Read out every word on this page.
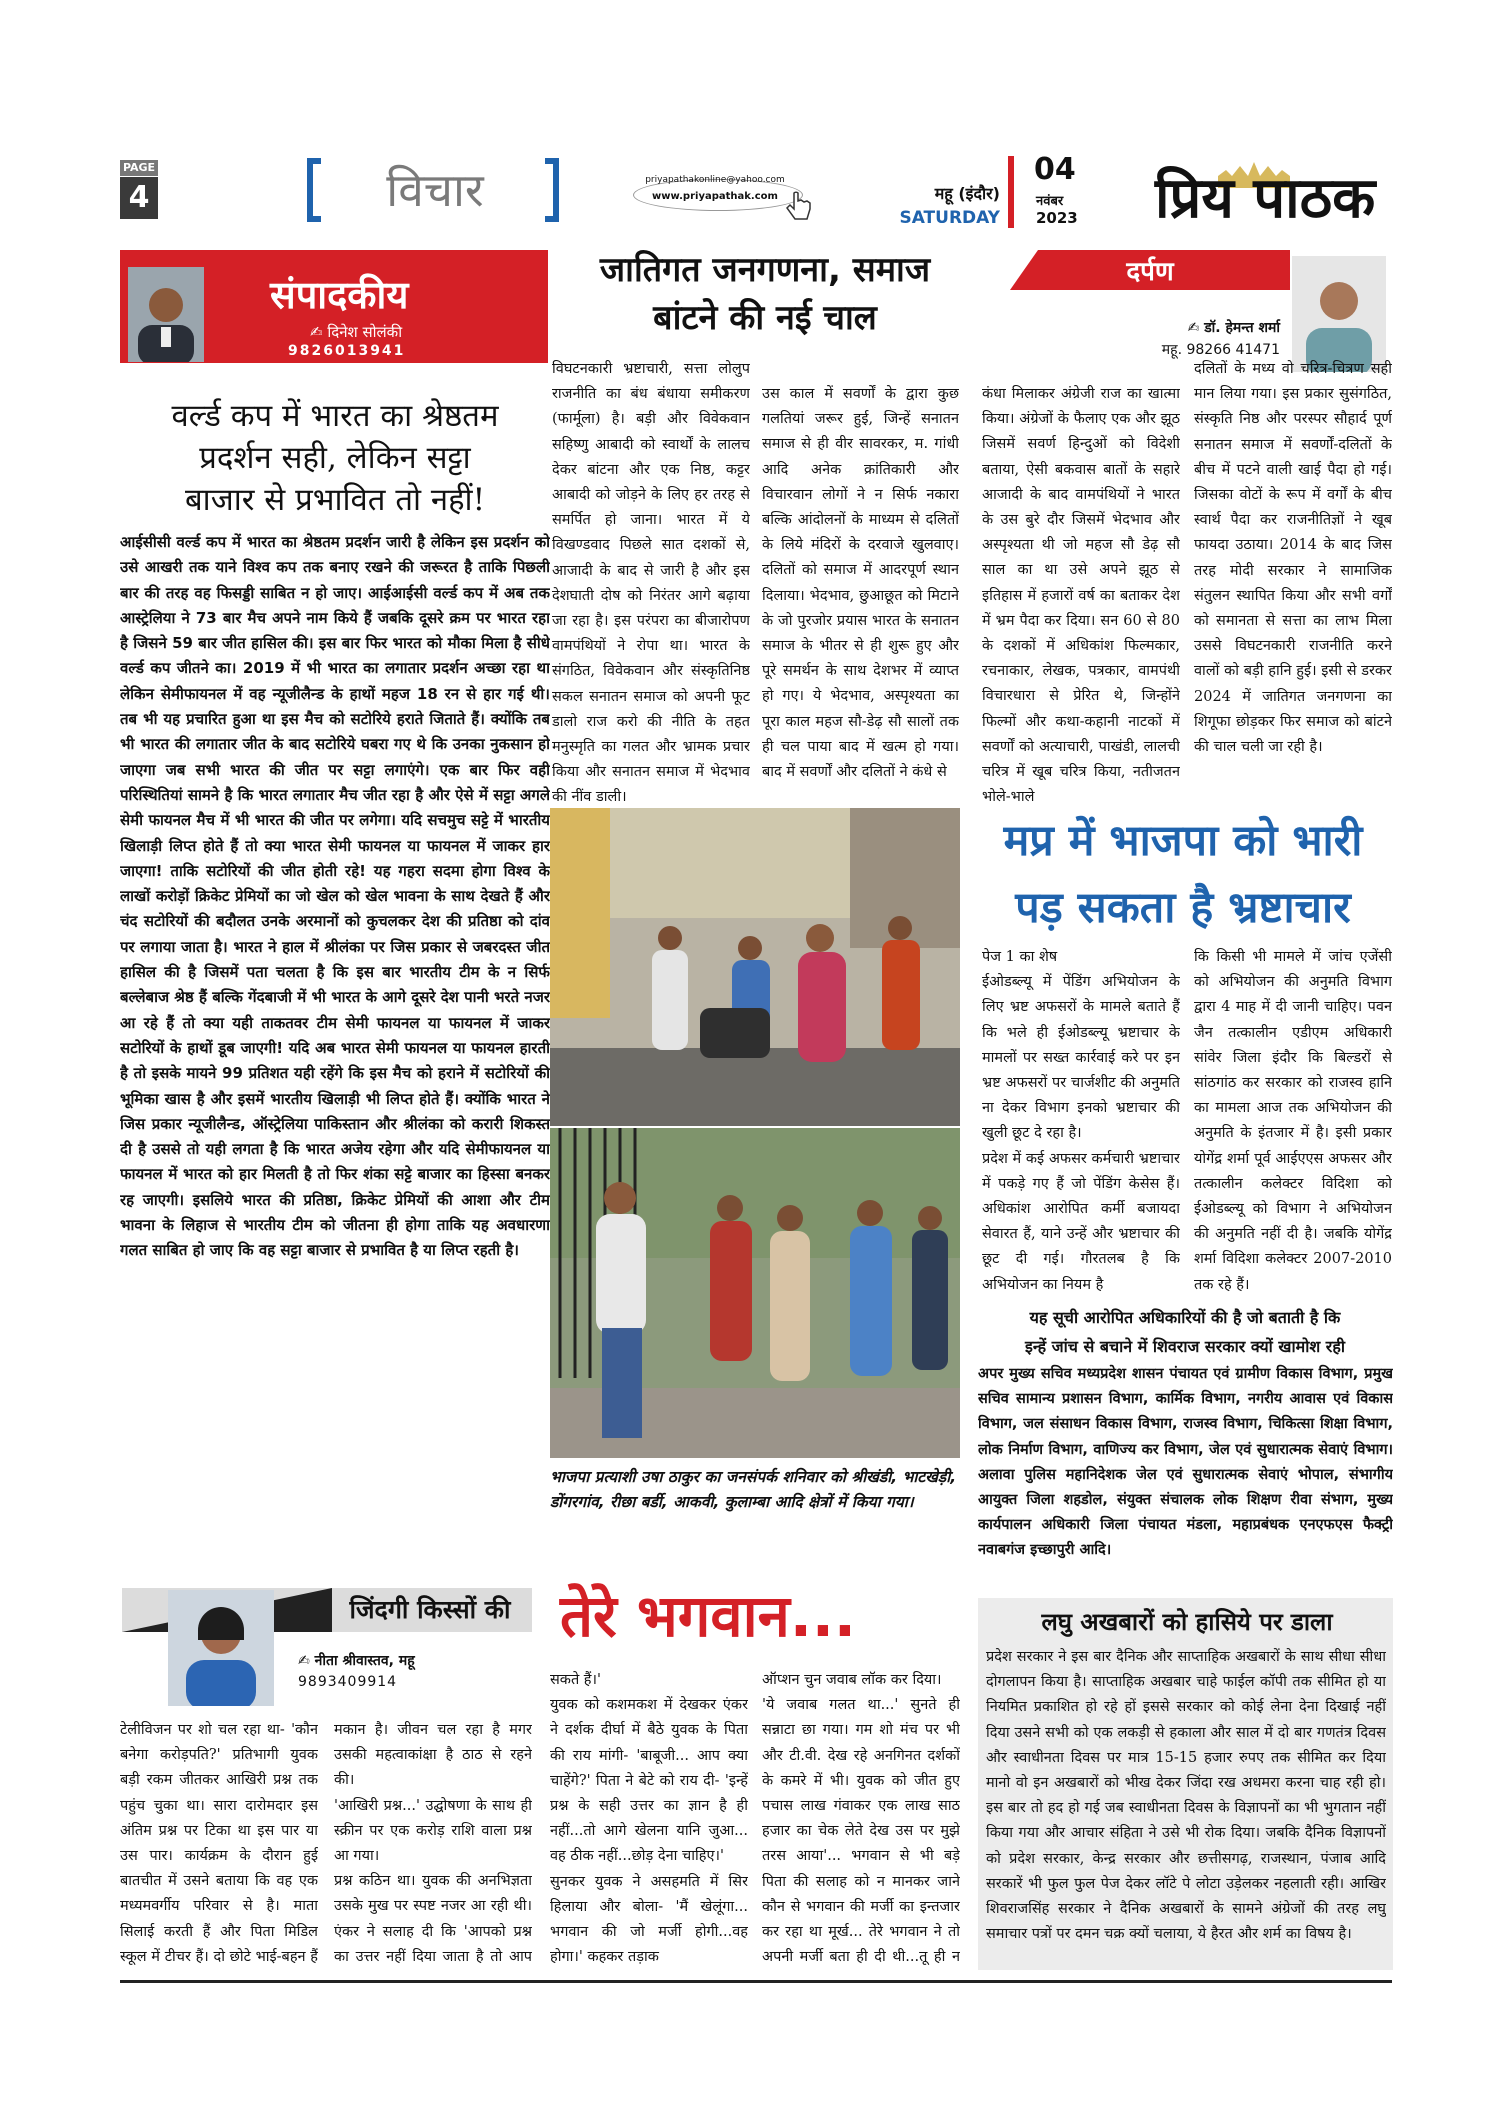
PAGE
4	विचार	priyapathakonline@yahoo.com
www.priyapathak.com	महू (इंदौर)
SATURDAY
04
नवंबर
2023 प्रिय पाठक
संपादकीय
✍ दिनेश सोलंकी
9826013941
वर्ल्ड कप में भारत का श्रेष्ठतम
प्रदर्शन सही, लेकिन सट्टा
बाजार से प्रभावित तो नहीं!
आईसीसी वर्ल्ड कप में भारत का श्रेष्ठतम प्रदर्शन जारी है लेकिन इस प्रदर्शन को उसे आखरी तक याने विश्व कप तक बनाए रखने की जरूरत है ताकि पिछली बार की तरह वह फिसड्डी साबित न हो जाए। आईआईसी वर्ल्ड कप में अब तक आस्ट्रेलिया ने 73 बार मैच अपने नाम किये हैं जबकि दूसरे क्रम पर भारत रहा है जिसने 59 बार जीत हासिल की। इस बार फिर भारत को मौका मिला है सीधे वर्ल्ड कप जीतने का। 2019 में भी भारत का लगातार प्रदर्शन अच्छा रहा था लेकिन सेमीफायनल में वह न्यूजीलैन्ड के हाथों महज 18 रन से हार गई थी। तब भी यह प्रचारित हुआ था इस मैच को सटोरिये हराते जिताते हैं। क्योंकि तब भी भारत की लगातार जीत के बाद सटोरिये घबरा गए थे कि उनका नुकसान हो जाएगा जब सभी भारत की जीत पर सट्टा लगाएंगे। एक बार फिर वही परिस्थितियां सामने है कि भारत लगातार मैच जीत रहा है और ऐसे में सट्टा अगले सेमी फायनल मैच में भी भारत की जीत पर लगेगा। यदि सचमुच सट्टे में भारतीय खिलाड़ी लिप्त होते हैं तो क्या भारत सेमी फायनल या फायनल में जाकर हार जाएगा! ताकि सटोरियों की जीत होती रहे! यह गहरा सदमा होगा विश्व के लाखों करोड़ों क्रिकेट प्रेमियों का जो खेल को खेल भावना के साथ देखते हैं और चंद सटोरियों की बदौलत उनके अरमानों को कुचलकर देश की प्रतिष्ठा को दांव पर लगाया जाता है। भारत ने हाल में श्रीलंका पर जिस प्रकार से जबरदस्त जीत हासिल की है जिसमें पता चलता है कि इस बार भारतीय टीम के न सिर्फ बल्लेबाज श्रेष्ठ हैं बल्कि गेंदबाजी में भी भारत के आगे दूसरे देश पानी भरते नजर आ रहे हैं तो क्या यही ताकतवर टीम सेमी फायनल या फायनल में जाकर सटोरियों के हाथों डूब जाएगी! यदि अब भारत सेमी फायनल या फायनल हारती है तो इसके मायने 99 प्रतिशत यही रहेंगे कि इस मैच को हराने में सटोरियों की भूमिका खास है और इसमें भारतीय खिलाड़ी भी लिप्त होते हैं। क्योंकि भारत ने जिस प्रकार न्यूजीलैन्ड, ऑस्ट्रेलिया पाकिस्तान और श्रीलंका को करारी शिकस्त दी है उससे तो यही लगता है कि भारत अजेय रहेगा और यदि सेमीफायनल या फायनल में भारत को हार मिलती है तो फिर शंका सट्टे बाजार का हिस्सा बनकर रह जाएगी। इसलिये भारत की प्रतिष्ठा, क्रिकेट प्रेमियों की आशा और टीम भावना के लिहाज से भारतीय टीम को जीतना ही होगा ताकि यह अवधारणा गलत साबित हो जाए कि वह सट्टा बाजार से प्रभावित है या लिप्त रहती है।
जातिगत जनगणना, समाज
बांटने की नई चाल
विघटनकारी भ्रष्टाचारी, सत्ता लोलुप राजनीति का बंध बंधाया समीकरण (फार्मूला) है। बड़ी और विवेकवान सहिष्णु आबादी को स्वार्थों के लालच देकर बांटना और एक निष्ठ, कट्टर आबादी को जोड़ने के लिए हर तरह से समर्पित हो जाना। भारत में ये विखण्डवाद पिछले सात दशकों से, आजादी के बाद से जारी है और इस देशघाती दोष को निरंतर आगे बढ़ाया जा रहा है। इस परंपरा का बीजारोपण वामपंथियों ने रोपा था। भारत के संगठित, विवेकवान और संस्कृतिनिष्ठ सकल सनातन समाज को अपनी फूट डालो राज करो की नीति के तहत मनुस्मृति का गलत और भ्रामक प्रचार किया और सनातन समाज में भेदभाव की नींव डाली।
उस काल में सवर्णों के द्वारा कुछ गलतियां जरूर हुई, जिन्हें सनातन समाज से ही वीर सावरकर, म. गांधी आदि अनेक क्रांतिकारी और विचारवान लोगों ने न सिर्फ नकारा बल्कि आंदोलनों के माध्यम से दलितों के लिये मंदिरों के दरवाजे खुलवाए। दलितों को समाज में आदरपूर्ण स्थान दिलाया। भेदभाव, छुआछूत को मिटाने के जो पुरजोर प्रयास भारत के सनातन समाज के भीतर से ही शुरू हुए और पूरे समर्थन के साथ देशभर में व्याप्त हो गए। ये भेदभाव, अस्पृश्यता का पूरा काल महज सौ-डेढ़ सौ सालों तक ही चल पाया बाद में खत्म हो गया। बाद में सवर्णों और दलितों ने कंधे से
दर्पण
✍ डॉ. हेमन्त शर्मा
महू. 98266 41471
कंधा मिलाकर अंग्रेजी राज का खात्मा किया। अंग्रेजों के फैलाए एक और झूठ जिसमें सवर्ण हिन्दुओं को विदेशी बताया, ऐसी बकवास बातों के सहारे आजादी के बाद वामपंथियों ने भारत के उस बुरे दौर जिसमें भेदभाव और अस्पृश्यता थी जो महज सौ डेढ़ सौ साल का था उसे अपने झूठ से इतिहास में हजारों वर्ष का बताकर देश में भ्रम पैदा कर दिया। सन 60 से 80 के दशकों में अधिकांश फिल्मकार, रचनाकार, लेखक, पत्रकार, वामपंथी विचारधारा से प्रेरित थे, जिन्होंने फिल्मों और कथा-कहानी नाटकों में सवर्णों को अत्याचारी, पाखंडी, लालची चरित्र में खूब चरित्र किया, नतीजतन भोले-भाले
दलितों के मध्य वो चरित्र-चित्रण सही मान लिया गया। इस प्रकार सुसंगठित, संस्कृति निष्ठ और परस्पर सौहार्द पूर्ण सनातन समाज में सवर्णों-दलितों के बीच में पटने वाली खाई पैदा हो गई। जिसका वोटों के रूप में वर्गों के बीच स्वार्थ पैदा कर राजनीतिज्ञों ने खूब फायदा उठाया। 2014 के बाद जिस तरह मोदी सरकार ने सामाजिक संतुलन स्थापित किया और सभी वर्गों को समानता से सत्ता का लाभ मिला उससे विघटनकारी राजनीति करने वालों को बड़ी हानि हुई। इसी से डरकर 2024 में जातिगत जनगणना का शिगूफा छोड़कर फिर समाज को बांटने की चाल चली जा रही है।
भाजपा प्रत्याशी उषा ठाकुर का जनसंपर्क शनिवार को श्रीखंडी, भाटखेड़ी, डोंगरगांव, रीछा बर्डी, आकवी, कुलाम्बा आदि क्षेत्रों में किया गया।
मप्र में भाजपा को भारी
पड़ सकता है भ्रष्टाचार
पेज 1 का शेष
ईओडब्ल्यू में पेंडिंग अभियोजन के लिए भ्रष्ट अफसरों के मामले बताते हैं कि भले ही ईओडब्ल्यू भ्रष्टाचार के मामलों पर सख्त कार्रवाई करे पर इन भ्रष्ट अफसरों पर चार्जशीट की अनुमति ना देकर विभाग इनको भ्रष्टाचार की खुली छूट दे रहा है।
प्रदेश में कई अफसर कर्मचारी भ्रष्टाचार में पकड़े गए हैं जो पेंडिंग केसेस हैं। अधिकांश आरोपित कर्मी बजायदा सेवारत हैं, याने उन्हें और भ्रष्टाचार की छूट दी गई। गौरतलब है कि अभियोजन का नियम है
कि किसी भी मामले में जांच एजेंसी को अभियोजन की अनुमति विभाग द्वारा 4 माह में दी जानी चाहिए। पवन जैन तत्कालीन एडीएम अधिकारी सांवेर जिला इंदौर कि बिल्डरों से सांठगांठ कर सरकार को राजस्व हानि का मामला आज तक अभियोजन की अनुमति के इंतजार में है। इसी प्रकार योगेंद्र शर्मा पूर्व आईएएस अफसर और तत्कालीन कलेक्टर विदिशा को ईओडब्ल्यू को विभाग ने अभियोजन की अनुमति नहीं दी है। जबकि योगेंद्र शर्मा विदिशा कलेक्टर 2007-2010 तक रहे हैं।
यह सूची आरोपित अधिकारियों की है जो बताती है कि
इन्हें जांच से बचाने में शिवराज सरकार क्यों खामोश रही
अपर मुख्य सचिव मध्यप्रदेश शासन पंचायत एवं ग्रामीण विकास विभाग, प्रमुख सचिव सामान्य प्रशासन विभाग, कार्मिक विभाग, नगरीय आवास एवं विकास विभाग, जल संसाधन विकास विभाग, राजस्व विभाग, चिकित्सा शिक्षा विभाग, लोक निर्माण विभाग, वाणिज्य कर विभाग, जेल एवं सुधारात्मक सेवाएं विभाग। अलावा पुलिस महानिदेशक जेल एवं सुधारात्मक सेवाएं भोपाल, संभागीय आयुक्त जिला शहडोल, संयुक्त संचालक लोक शिक्षण रीवा संभाग, मुख्य कार्यपालन अधिकारी जिला पंचायत मंडला, महाप्रबंधक एनएफएस फैक्ट्री नवाबगंज इच्छापुरी आदि।
जिंदगी किस्सों की
✍ नीता श्रीवास्तव, महू
9893409914
टेलीविजन पर शो चल रहा था- 'कौन बनेगा करोड़पति?' प्रतिभागी युवक बड़ी रकम जीतकर आखिरी प्रश्न तक पहुंच चुका था। सारा दारोमदार इस अंतिम प्रश्न पर टिका था इस पार या उस पार। कार्यक्रम के दौरान हुई बातचीत में उसने बताया कि वह एक मध्यमवर्गीय परिवार से है। माता सिलाई करती हैं और पिता मिडिल स्कूल में टीचर हैं। दो छोटे भाई-बहन हैं
मकान है। जीवन चल रहा है मगर उसकी महत्वाकांक्षा है ठाठ से रहने की।
'आखिरी प्रश्न...' उद्घोषणा के साथ ही स्क्रीन पर एक करोड़ राशि वाला प्रश्न आ गया।
प्रश्न कठिन था। युवक की अनभिज्ञता उसके मुख पर स्पष्ट नजर आ रही थी। एंकर ने सलाह दी कि 'आपको प्रश्न का उत्तर नहीं दिया जाता है तो आप
तेरे भगवान...
सकते हैं।'
युवक को कशमकश में देखकर एंकर ने दर्शक दीर्घा में बैठे युवक के पिता की राय मांगी- 'बाबूजी... आप क्या चाहेंगे?' पिता ने बेटे को राय दी- 'इन्हें प्रश्न के सही उत्तर का ज्ञान है ही नहीं...तो आगे खेलना यानि जुआ... वह ठीक नहीं...छोड़ देना चाहिए।'
सुनकर युवक ने असहमति में सिर हिलाया और बोला- 'मैं खेलूंगा... भगवान की जो मर्जी होगी...वह होगा।' कहकर तड़ाक
ऑप्शन चुन जवाब लॉक कर दिया।
'ये जवाब गलत था...' सुनते ही सन्नाटा छा गया। गम शो मंच पर भी और टी.वी. देख रहे अनगिनत दर्शकों के कमरे में भी। युवक को जीत हुए पचास लाख गंवाकर एक लाख साठ हजार का चेक लेते देख उस पर मुझे तरस आया'... भगवान से भी बड़े पिता की सलाह को न मानकर जाने कौन से भगवान की मर्जी का इन्तजार कर रहा था मूर्ख... तेरे भगवान ने तो अपनी मर्जी बता ही दी थी...तू ही न
लघु अखबारों को हासिये पर डाला
प्रदेश सरकार ने इस बार दैनिक और साप्ताहिक अखबारों के साथ सीधा सीधा दोगलापन किया है। साप्ताहिक अखबार चाहे फाईल कॉपी तक सीमित हो या नियमित प्रकाशित हो रहे हों इससे सरकार को कोई लेना देना दिखाई नहीं दिया उसने सभी को एक लकड़ी से हकाला और साल में दो बार गणतंत्र दिवस और स्वाधीनता दिवस पर मात्र 15-15 हजार रुपए तक सीमित कर दिया मानो वो इन अखबारों को भीख देकर जिंदा रख अधमरा करना चाह रही हो। इस बार तो हद हो गई जब स्वाधीनता दिवस के विज्ञापनों का भी भुगतान नहीं किया गया और आचार संहिता ने उसे भी रोक दिया। जबकि दैनिक विज्ञापनों को प्रदेश सरकार, केन्द्र सरकार और छत्तीसगढ़, राजस्थान, पंजाब आदि सरकारें भी फुल फुल पेज देकर लॉटे पे लोटा उड़ेलकर नहलाती रही। आखिर शिवराजसिंह सरकार ने दैनिक अखबारों के सामने अंग्रेजों की तरह लघु समाचार पत्रों पर दमन चक्र क्यों चलाया, ये हैरत और शर्म का विषय है।
